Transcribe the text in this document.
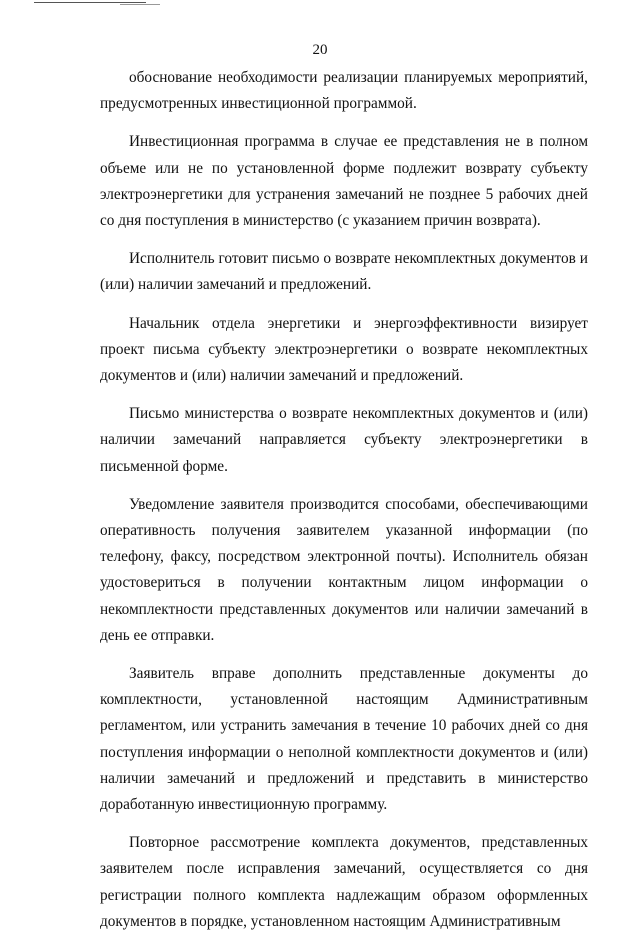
20

обоснование необходимости реализации планируемых мероприятий, предусмотренных инвестиционной программой.

Инвестиционная программа в случае ее представления не в полном объеме или не по установленной форме подлежит возврату субъекту электроэнергетики для устранения замечаний не позднее 5 рабочих дней со дня поступления в министерство (с указанием причин возврата).

Исполнитель готовит письмо о возврате некомплектных документов и (или) наличии замечаний и предложений.

Начальник отдела энергетики и энергоэффективности визирует проект письма субъекту электроэнергетики о возврате некомплектных документов и (или) наличии замечаний и предложений.

Письмо министерства о возврате некомплектных документов и (или) наличии замечаний направляется субъекту электроэнергетики в письменной форме.

Уведомление заявителя производится способами, обеспечивающими оперативность получения заявителем указанной информации (по телефону, факсу, посредством электронной почты). Исполнитель обязан удостовериться в получении контактным лицом информации о некомплектности представленных документов или наличии замечаний в день ее отправки.

Заявитель вправе дополнить представленные документы до комплектности, установленной настоящим Административным регламентом, или устранить замечания в течение 10 рабочих дней со дня поступления информации о неполной комплектности документов и (или) наличии замечаний и предложений и представить в министерство доработанную инвестиционную программу.

Повторное рассмотрение комплекта документов, представленных заявителем после исправления замечаний, осуществляется со дня регистрации полного комплекта надлежащим образом оформленных документов в порядке, установленном настоящим Административным
